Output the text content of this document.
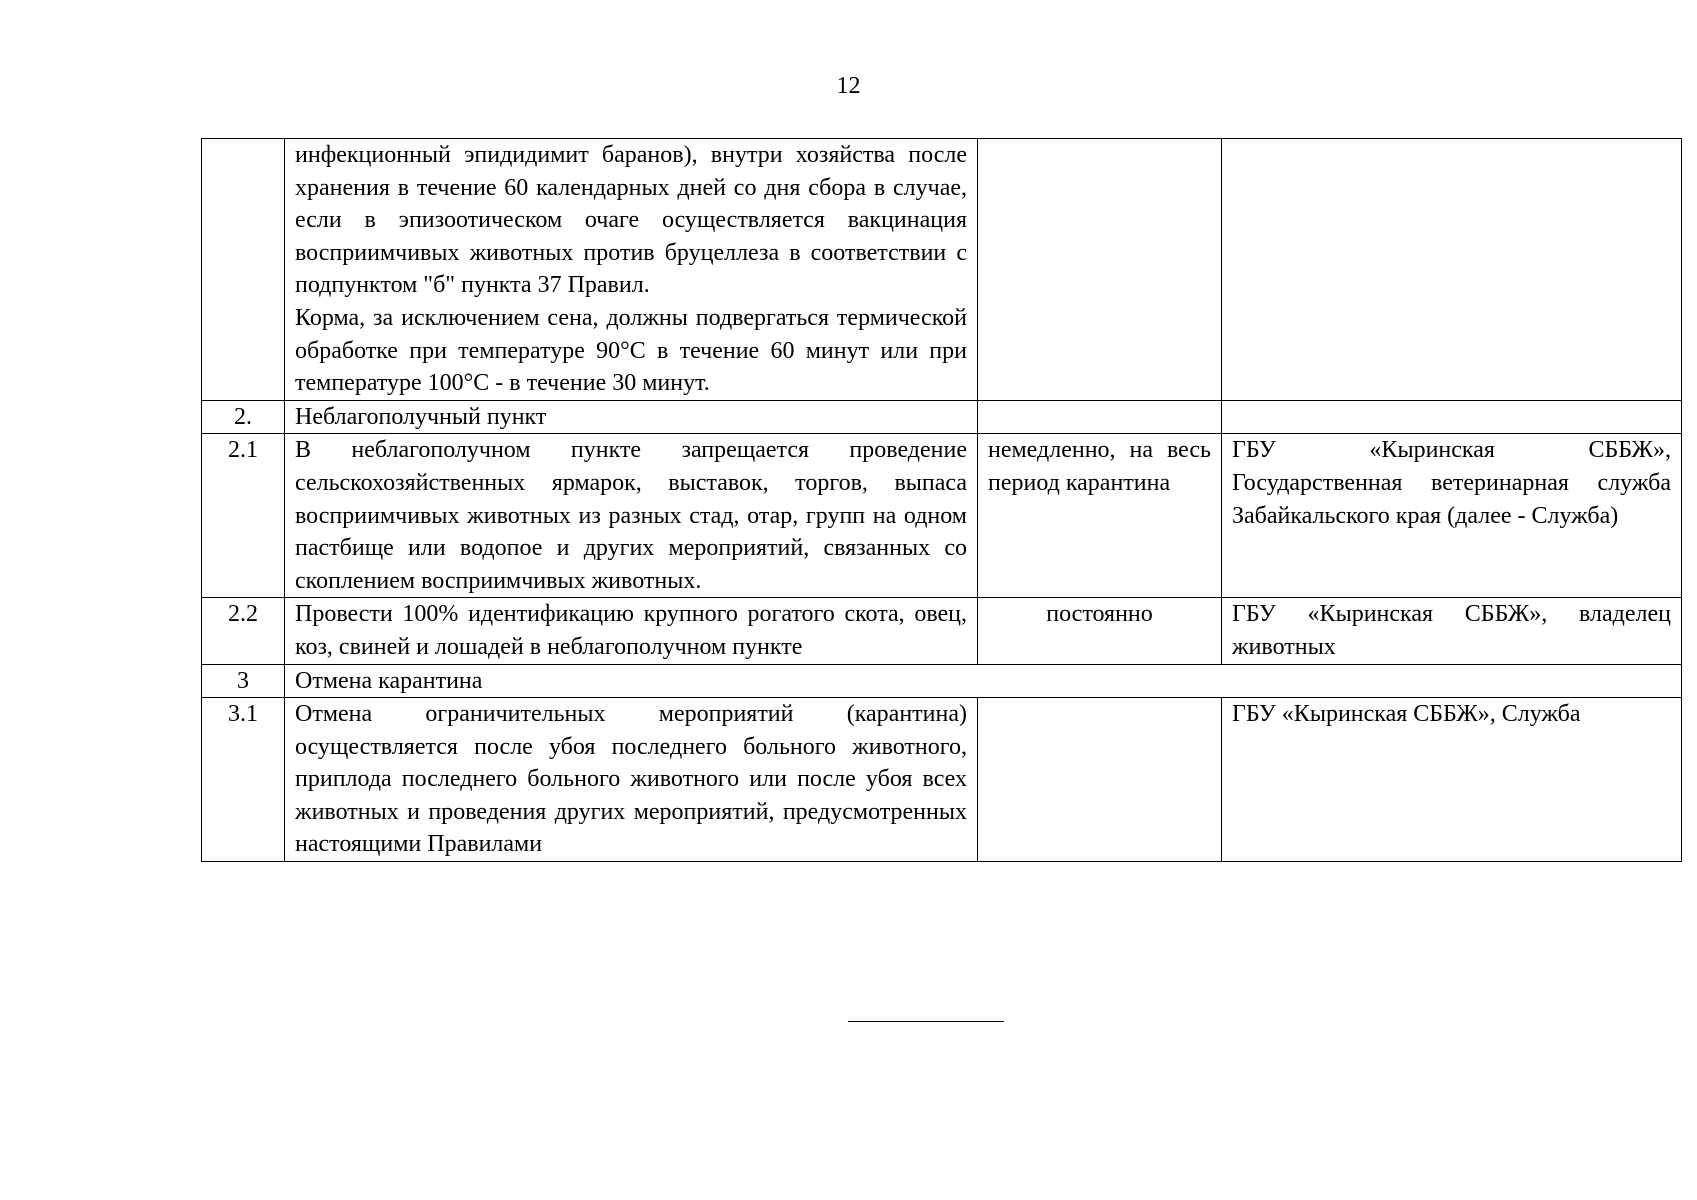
12

	инфекционный эпидидимит баранов), внутри хозяйства после хранения в течение 60 календарных дней со дня сбора в случае, если в эпизоотическом очаге осуществляется вакцинация восприимчивых животных против бруцеллеза в соответствии с подпунктом "б" пункта 37 Правил.
Корма, за исключением сена, должны подвергаться термической обработке при температуре 90°С в течение 60 минут или при температуре 100°С - в течение 30 минут.		

2.	Неблагополучный пункт		
2.1	В неблагополучном пункте запрещается проведение сельскохозяйственных ярмарок, выставок, торгов, выпаса восприимчивых животных из разных стад, отар, групп на одном пастбище или водопое и других мероприятий, связанных со скоплением восприимчивых животных.	немедленно, на весь период карантина	ГБУ «Кыринская СББЖ», Государственная ветеринарная служба Забайкальского края (далее - Служба)
2.2	Провести 100% идентификацию крупного рогатого скота, овец, коз, свиней и лошадей в неблагополучном пункте	постоянно	ГБУ «Кыринская СББЖ», владелец животных
3	Отмена карантина		
3.1	Отмена ограничительных мероприятий (карантина) осуществляется после убоя последнего больного животного, приплода последнего больного животного или после убоя всех животных и проведения других мероприятий, предусмотренных настоящими Правилами		ГБУ «Кыринская СББЖ», Служба
